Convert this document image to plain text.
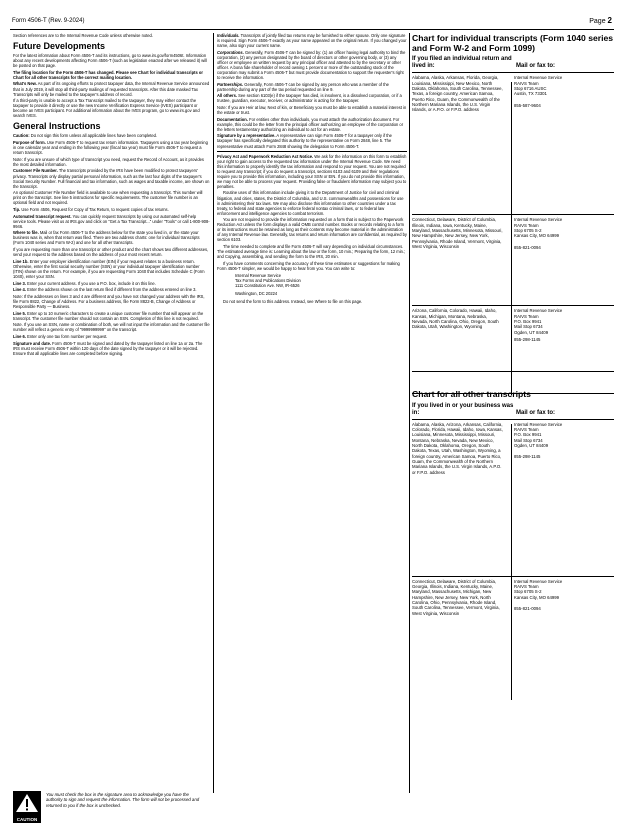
Form 4506-T (Rev. 9-2024)	Page 2

Section references are to the Internal Revenue Code unless otherwise noted.

Future Developments

For the latest information about Form 4506-T and its instructions, go to www.irs.gov/form4506t. Information about any recent developments affecting Form 4506-T (such as legislation enacted after we released it) will be posted on that page.

The filing location for the Form 4506-T has changed. Please see Chart for individual transcripts or Chart for all other transcripts for the correct mailing location.

What's New. As part of its ongoing efforts to protect taxpayer data, the Internal Revenue Service announced that in July 2019, it will stop all third-party mailings of requested transcripts. After this date masked Tax Transcripts will only be mailed to the taxpayer's address of record.

If a third-party is unable to accept a Tax Transcript mailed to the taxpayer, they may either contact the taxpayer to provide it directly or use the new Income Verification Express Service (IVES) participant or become an IVES participant. For additional information about the IVES program, go to www.irs.gov and search IVES.

General Instructions

Caution: Do not sign this form unless all applicable lines have been completed.

Purpose of form. Use Form 4506-T to request tax return information. Taxpayers using a tax year beginning in one calendar year and ending in the following year (fiscal tax year) must file Form 4506-T to request a return transcript.

Note: If you are unsure of which type of transcript you need, request the Record of Account, as it provides the most detailed information.

Customer File Number. The transcripts provided by the IRS have been modified to protect taxpayers' privacy. Transcripts only display partial personal information, such as the last four digits of the taxpayer's Social Security Number. Full financial and tax information, such as wages and taxable income, are shown on the transcript.

An optional Customer File Number field is available to use when requesting a transcript. This number will print on the transcript. See line 5 instructions for specific requirements. The customer file number is an optional field and not required.

Tip. Use Form 4506, Request for Copy of Tax Return, to request copies of tax returns.

Automated transcript request. You can quickly request transcripts by using our automated self-help service tools. Please visit us at IRS.gov and click on "Get a Tax Transcript..." under "Tools" or call 1-800-908-9946.

Where to file. Mail or fax Form 4506-T to the address below for the state you lived in, or the state your business was in, when that return was filed. There are two address charts: one for individual transcripts (Form 1040 series and Form W-2) and one for all other transcripts.

If you are requesting more than one transcript or other product and the chart shows two different addresses, send your request to the address based on the address of your most recent return.

Line 1b. Enter your employer identification number (EIN) if your request relates to a business return. Otherwise, enter the first social security number (SSN) or your individual taxpayer identification number (ITIN) shown on the return. For example, if you are requesting Form 1040 that includes Schedule C (Form 1040), enter your SSN.

Line 3. Enter your current address. If you use a P.O. box, include it on this line.

Line 4. Enter the address shown on the last return filed if different from the address entered on line 3.

Note: If the addresses on lines 3 and 4 are different and you have not changed your address with the IRS, file Form 8822, Change of Address. For a business address, file Form 8822-B, Change of Address or Responsible Party — Business.

Line 5. Enter up to 10 numeric characters to create a unique customer file number that will appear on the transcript. The customer file number should not contain an SSN. Completion of this line is not required.

Note. If you use an SSN, name or combination of both, we will not input the information and the customer file number will reflect a generic entry of "9999999999" on the transcript.

Line 6. Enter only one tax form number per request.

Signature and date. Form 4506-T must be signed and dated by the taxpayer listed on line 1a or 2a. The IRS must receive Form 4506-T within 120 days of the date signed by the taxpayer or it will be rejected. Ensure that all applicable lines are completed before signing.

CAUTION
You must check the box in the signature area to acknowledge you have the authority to sign and request the information. The form will not be processed and returned to you if the box is unchecked.

Individuals. Transcripts of jointly filed tax returns may be furnished to either spouse. Only one signature is required. Sign Form 4506-T exactly as your name appeared on the original return. If you changed your name, also sign your current name.

Corporations. Generally, Form 4506-T can be signed by: (1) an officer having legal authority to bind the corporation, (2) any person designated by the board of directors or other governing body, or (3) any officer or employee on written request by any principal officer and attested to by the secretary or other officer. A bona fide shareholder of record owning 1 percent or more of the outstanding stock of the corporation may submit a Form 4506-T but must provide documentation to support the requester's right to receive the information.

Partnerships. Generally, Form 4506-T can be signed by any person who was a member of the partnership during any part of the tax period requested on line 9.

All others. See section 6103(e) if the taxpayer has died, is insolvent, is a dissolved corporation, or if a trustee, guardian, executor, receiver, or administrator is acting for the taxpayer.

Note: If you are Heir at law, Next of kin, or Beneficiary you must be able to establish a material interest in the estate or trust.

Documentation. For entities other than individuals, you must attach the authorization document. For example, this could be the letter from the principal officer authorizing an employee of the corporation or the letters testamentary authorizing an individual to act for an estate.

Signature by a representative. A representative can sign Form 4506-T for a taxpayer only if the taxpayer has specifically delegated this authority to the representative on Form 2848, line 5. The representative must attach Form 2848 showing the delegation to Form 4506-T.

Privacy Act and Paperwork Reduction Act Notice. We ask for the information on this form to establish your right to gain access to the requested tax information under the Internal Revenue Code. We need this information to properly identify the tax information and respond to your request. You are not required to request any transcript; if you do request a transcript, sections 6103 and 6109 and their regulations require you to provide this information, including your SSN or EIN. If you do not provide this information, we may not be able to process your request. Providing false or fraudulent information may subject you to penalties.

Routine uses of this information include giving it to the Department of Justice for civil and criminal litigation, and cities, states, the District of Columbia, and U.S. commonwealths and possessions for use in administering their tax laws. We may also disclose this information to other countries under a tax treaty, to federal and state agencies to enforce federal nontax criminal laws, or to federal law enforcement and intelligence agencies to combat terrorism.

You are not required to provide the information requested on a form that is subject to the Paperwork Reduction Act unless the form displays a valid OMB control number. Books or records relating to a form or its instructions must be retained as long as their contents may become material in the administration of any Internal Revenue law. Generally, tax returns and return information are confidential, as required by section 6103.

The time needed to complete and file Form 4506-T will vary depending on individual circumstances. The estimated average time is: Learning about the law or the form, 10 min.; Preparing the form, 12 min.; and Copying, assembling, and sending the form to the IRS, 20 min.

If you have comments concerning the accuracy of these time estimates or suggestions for making Form 4506-T simpler, we would be happy to hear from you. You can write to:

Internal Revenue Service
Tax Forms and Publications Division
1111 Constitution Ave. NW, IR-6526
Washington, DC 20224

Do not send the form to this address. Instead, see Where to file on this page.

Chart for individual transcripts (Form 1040 series and Form W-2 and Form 1099)
If you filed an individual return and lived in:	Mail or fax to:
Alabama, Alaska, Arkansas, Florida, Georgia, Louisiana, Mississippi, New Mexico, North Dakota, Oklahoma, South Carolina, Tennessee, Texas, a foreign country, American Samoa, Puerto Rico, Guam, the Commonwealth of the Northern Mariana Islands, the U.S. Virgin Islands, or A.P.O. or F.P.O. address
Internal Revenue Service
RAIVS Team
Stop 6716 AUSC
Austin, TX 73301
855-587-9604
Connecticut, Delaware, District of Columbia, Illinois, Indiana, Iowa, Kentucky, Maine, Maryland, Massachusetts, Minnesota, Missouri, New Hampshire, New Jersey, New York, Pennsylvania, Rhode Island, Vermont, Virginia, West Virginia, Wisconsin
Internal Revenue Service
RAIVS Team
Stop 6705 S-2
Kansas City, MO 64999
855-821-0094
Arizona, California, Colorado, Hawaii, Idaho, Kansas, Michigan, Montana, Nebraska, Nevada, North Carolina, Ohio, Oregon, South Dakota, Utah, Washington, Wyoming
Internal Revenue Service
RAIVS Team
P.O. Box 9941
Mail Stop 6734
Ogden, UT 84409
855-298-1145
Chart for all other transcripts
If you lived in or your business was in:	Mail or fax to:
Alabama, Alaska, Arizona, Arkansas, California, Colorado, Florida, Hawaii, Idaho, Iowa, Kansas, Louisiana, Minnesota, Mississippi, Missouri, Montana, Nebraska, Nevada, New Mexico, North Dakota, Oklahoma, Oregon, South Dakota, Texas, Utah, Washington, Wyoming, a foreign country, American Samoa, Puerto Rico, Guam, the Commonwealth of the Northern Mariana Islands, the U.S. Virgin Islands, A.P.O. or F.P.O. address
Internal Revenue Service
RAIVS Team
P.O. Box 9941
Mail Stop 6734
Ogden, UT 84409
855-298-1145
Connecticut, Delaware, District of Columbia, Georgia, Illinois, Indiana, Kentucky, Maine, Maryland, Massachusetts, Michigan, New Hampshire, New Jersey, New York, North Carolina, Ohio, Pennsylvania, Rhode Island, South Carolina, Tennessee, Vermont, Virginia, West Virginia, Wisconsin
Internal Revenue Service
RAIVS Team
Stop 6705 S-2
Kansas City, MO 64999
855-821-0094
